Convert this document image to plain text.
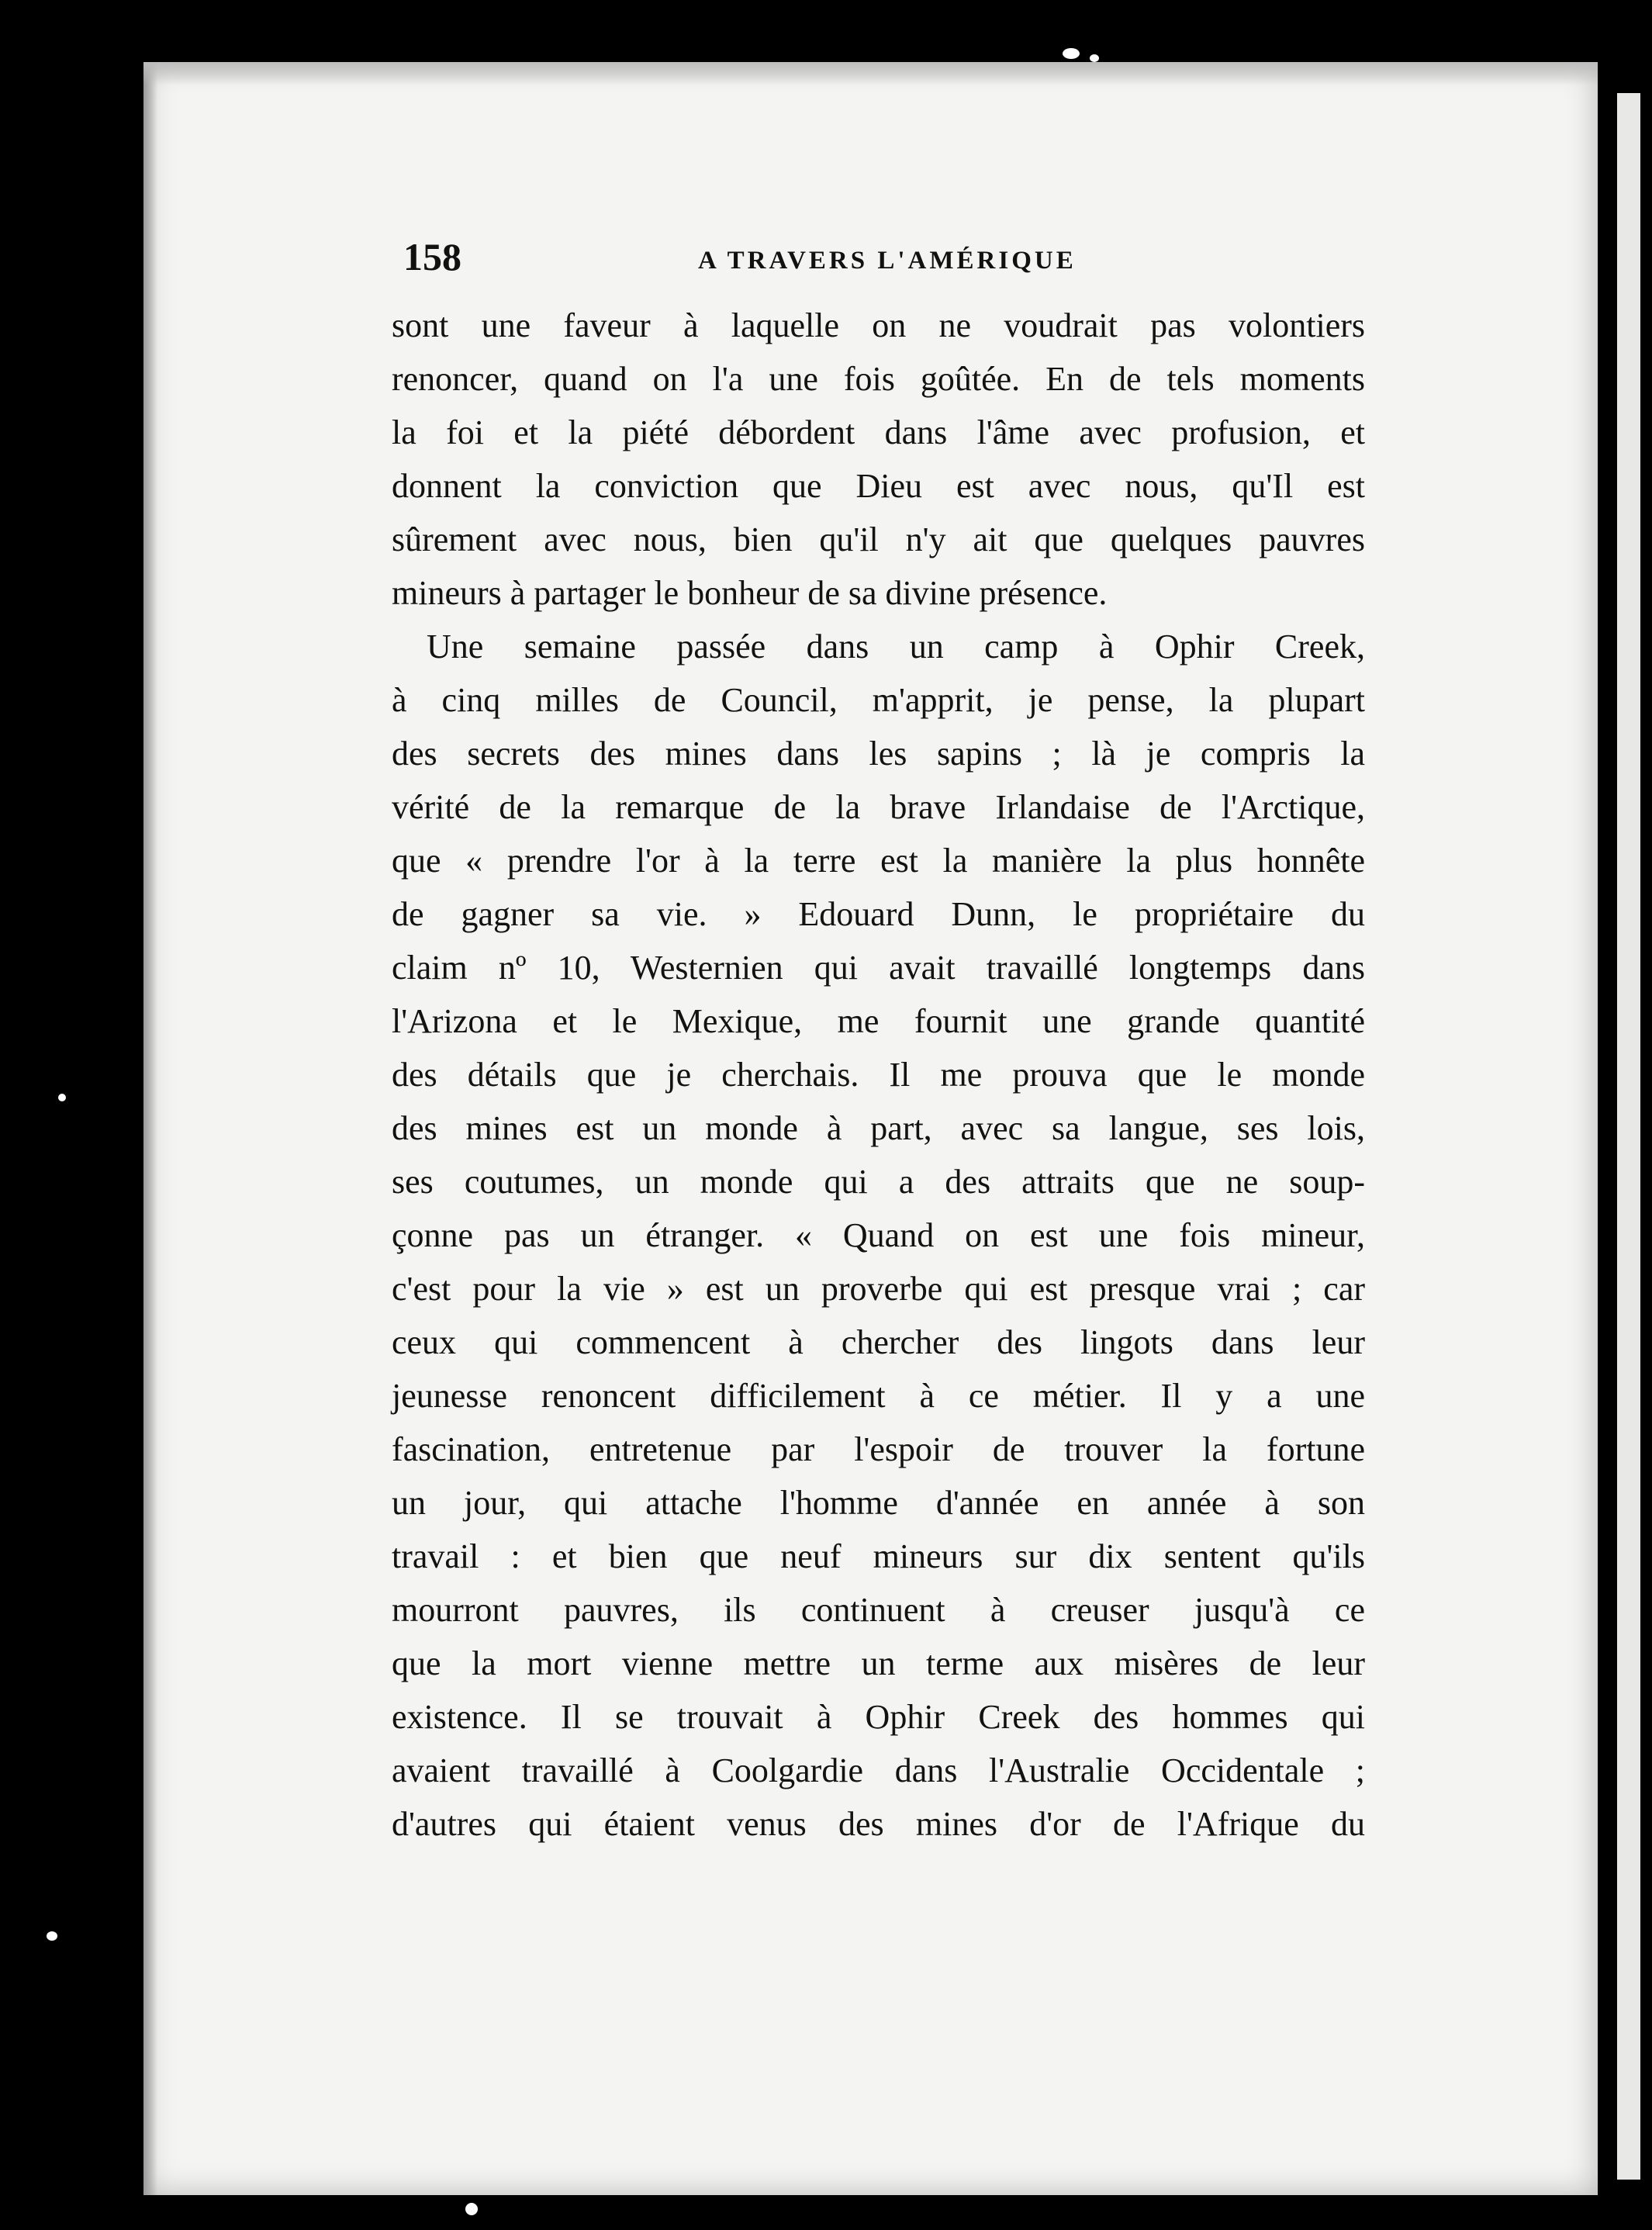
158	A TRAVERS L'AMÉRIQUE
sont une faveur à laquelle on ne voudrait pas volontiers
renoncer, quand on l'a une fois goûtée. En de tels moments
la foi et la piété débordent dans l'âme avec profusion, et
donnent la conviction que Dieu est avec nous, qu'Il est
sûrement avec nous, bien qu'il n'y ait que quelques pauvres
mineurs à partager le bonheur de sa divine présence.
Une semaine passée dans un camp à Ophir Creek,
à cinq milles de Council, m'apprit, je pense, la plupart
des secrets des mines dans les sapins ; là je compris la
vérité de la remarque de la brave Irlandaise de l'Arctique,
que « prendre l'or à la terre est la manière la plus honnête
de gagner sa vie. » Edouard Dunn, le propriétaire du
claim nº 10, Westernien qui avait travaillé longtemps dans
l'Arizona et le Mexique, me fournit une grande quantité
des détails que je cherchais. Il me prouva que le monde
des mines est un monde à part, avec sa langue, ses lois,
ses coutumes, un monde qui a des attraits que ne soup-
çonne pas un étranger. « Quand on est une fois mineur,
c'est pour la vie » est un proverbe qui est presque vrai ; car
ceux qui commencent à chercher des lingots dans leur
jeunesse renoncent difficilement à ce métier. Il y a une
fascination, entretenue par l'espoir de trouver la fortune
un jour, qui attache l'homme d'année en année à son
travail : et bien que neuf mineurs sur dix sentent qu'ils
mourront pauvres, ils continuent à creuser jusqu'à ce
que la mort vienne mettre un terme aux misères de leur
existence. Il se trouvait à Ophir Creek des hommes qui
avaient travaillé à Coolgardie dans l'Australie Occidentale ;
d'autres qui étaient venus des mines d'or de l'Afrique du
